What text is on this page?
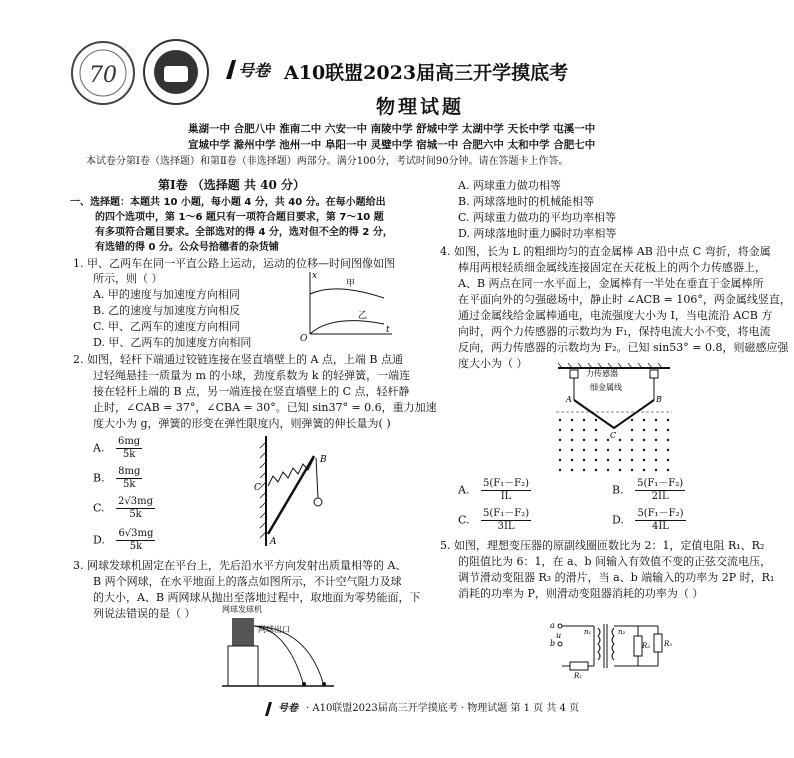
70	号卷 A10联盟2023届高三开学摸底考
物理试题
巢湖一中 合肥八中 淮南二中 六安一中 南陵中学 舒城中学 太湖中学 天长中学 屯溪一中
宣城中学 滁州中学 池州一中 阜阳一中 灵璧中学 宿城一中 合肥六中 太和中学 合肥七中
本试卷分第Ⅰ卷（选择题）和第Ⅱ卷（非选择题）两部分。满分100分，考试时间90分钟。请在答题卡上作答。
第Ⅰ卷 （选择题 共 40 分）
一、选择题：本题共 10 小题，每小题 4 分，共 40 分。在每小题给出
的四个选项中，第 1～6 题只有一项符合题目要求，第 7～10 题
有多项符合题目要求。全部选对的得 4 分，选对但不全的得 2 分，
有选错的得 0 分。公众号拾穗者的杂货铺
1. 甲、乙两车在同一平直公路上运动，运动的位移—时间图像如图
所示，则（ ）
A. 甲的速度与加速度方向相同
B. 乙的速度与加速度方向相反
C. 甲、乙两车的速度方向相同
D. 甲、乙两车的加速度方向相同
x
t
O
甲
乙
2. 如图，轻杆下端通过铰链连接在竖直墙壁上的 A 点，上端 B 点通
过轻绳悬挂一质量为 m 的小球，劲度系数为 k 的轻弹簧，一端连
接在轻杆上端的 B 点，另一端连接在竖直墙壁上的 C 点，轻杆静
止时，∠CAB = 37°，∠CBA = 30°。已知 sin37° = 0.6，重力加速
度大小为 g，弹簧的形变在弹性限度内，则弹簧的伸长量为( )
A. $\frac{6mg}{5k}$
B. $\frac{8mg}{5k}$
C. $\frac{2√3mg}{5k}$
D. $\frac{6√3mg}{5k}$
C
B
A
3. 网球发球机固定在平台上，先后沿水平方向发射出质量相等的 A、
B 两个网球，在水平地面上的落点如图所示，不计空气阻力及球
的大小，A、B 两网球从抛出至落地过程中，取地面为零势能面，下
列说法错误的是（ ）	网球发球机
网球出口
A. 两球重力做功相等
B. 两球落地时的机械能相等
C. 两球重力做功的平均功率相等
D. 两球落地时重力瞬时功率相等
4. 如图，长为 L 的粗细均匀的直金属棒 AB 沿中点 C 弯折，将金属
棒用两根轻质细金属线连接固定在天花板上的两个力传感器上，
A、B 两点在同一水平面上，金属棒有一半处在垂直于金属棒所
在平面向外的匀强磁场中，静止时 ∠ACB = 106°，两金属线竖直，
通过金属线给金属棒通电，电流强度大小为 I，当电流沿 ACB 方
向时，两个力传感器的示数均为 F₁，保持电流大小不变，将电流
反向，两力传感器的示数均为 F₂。已知 sin53° = 0.8，则磁感应强
度大小为（ ）
力传感器
细金属线
A	B
C
A. $\frac{\text{5(F₁－F₂)}}{IL}$	B. $\frac{\text{5(F₁－F₂)}}{2IL}$
C. $\frac{\text{5(F₁－F₂)}}{3IL}$	D. $\frac{\text{5(F₁－F₂)}}{4IL}$
5. 如图，理想变压器的原副线圈匝数比为 2：1，定值电阻 R₁、R₂
的阻值比为 6：1，在 a、b 间输入有效值不变的正弦交流电压，
调节滑动变阻器 R₃ 的滑片，当 a、b 端输入的功率为 2P 时，R₁
消耗的功率为 P，则滑动变阻器消耗的功率为（ ）
a
b
u	n₁	n₂
R₁
R₂ R₃
号卷 · A10联盟2023届高三开学摸底考 · 物理试题 第 1 页 共 4 页
